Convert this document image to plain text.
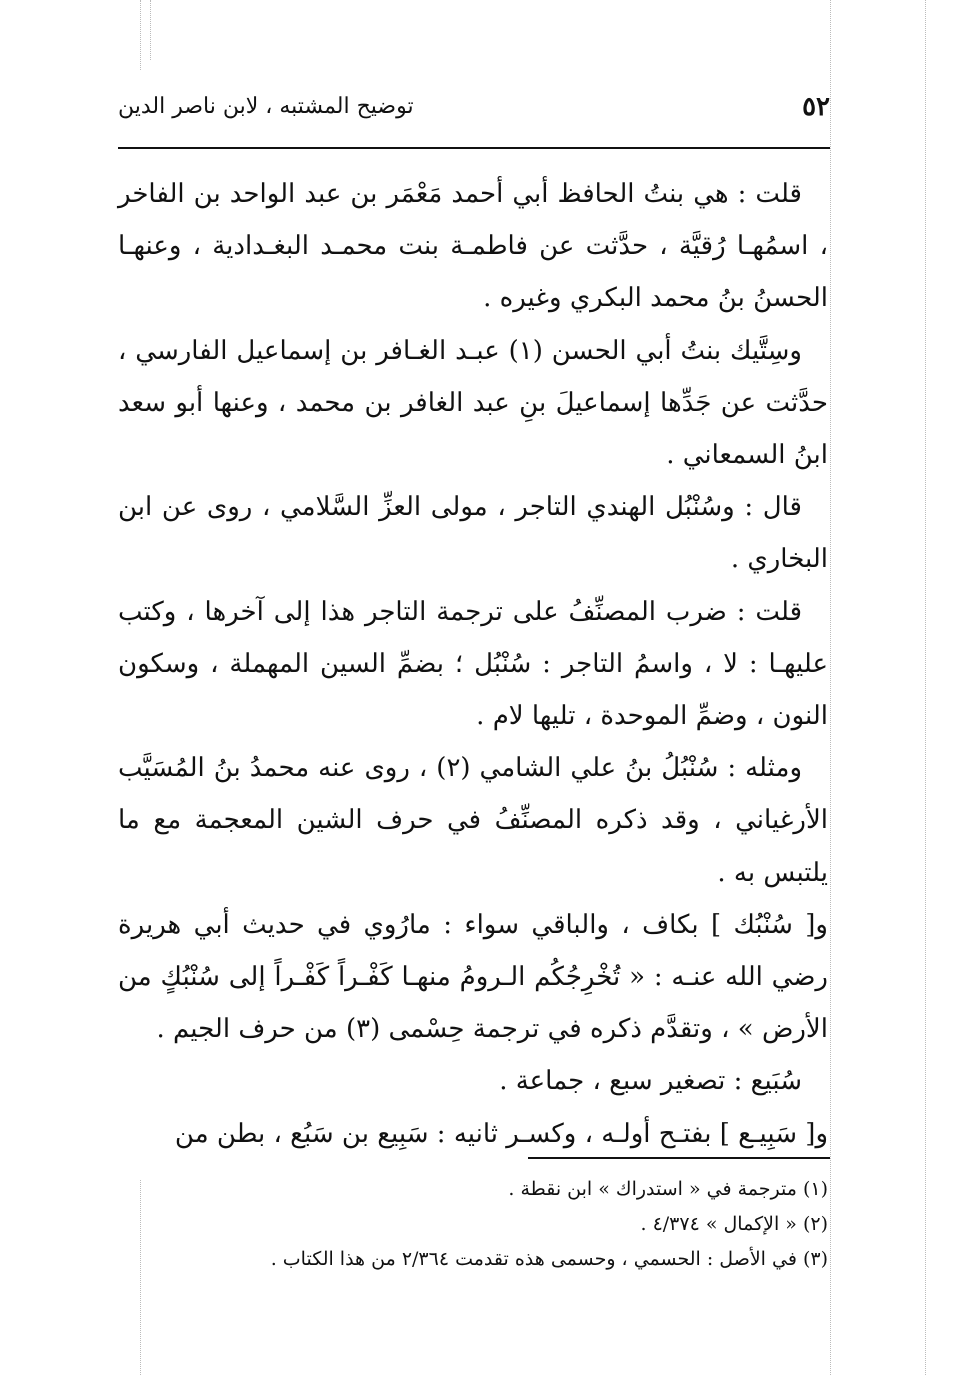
٥٢
توضيح المشتبه ، لابن ناصر الدين

قلت : هي بنتُ الحافظ أبي أحمد مَعْمَر بن عبد الواحد بن الفاخر ، اسمُهـا رُقيَّة ، حدَّثت عن فاطمـة بنت محمـد البغـدادية ، وعنهـا الحسنُ بنُ محمد البكري وغيره .

وسِتَّيك بنتُ أبي الحسن (١) عبـد الغـافر بن إسماعيل الفارسي ، حدَّثت عن جَدِّها إسماعيلَ بنِ عبد الغافر بن محمد ، وعنها أبو سعد ابنُ السمعاني .

قال : وسُنْبُل الهندي التاجر ، مولى العزِّ السَّلامي ، روى عن ابن البخاري .

قلت : ضرب المصنِّفُ على ترجمة التاجر هذا إلى آخرها ، وكتب عليهـا : لا ، واسمُ التاجر : سُنْبُل ؛ بضمِّ السين المهملة ، وسكون النون ، وضمِّ الموحدة ، تليها لام .

ومثله : سُنْبُلُ بنُ علي الشامي (٢) ، روى عنه محمدُ بنُ المُسَيَّب الأرغياني ، وقد ذكره المصنِّفُ في حرف الشين المعجمة مع ما يلتبس به .

و[ سُنْبُك ] بكاف ، والباقي سواء : مارُوي في حديث أبي هريرة رضي الله عنـه : « تُخْرِجُكُم الـرومُ منهـا كَفْـراً كَفْـراً إلى سُنْبُكٍ من الأرض » ، وتقدَّم ذكره في ترجمة حِسْمى (٣) من حرف الجيم .

سُبَيع : تصغير سبع ، جماعة .

و[ سَبِيـع ] بفتـح أولـه ، وكسـر ثانيه : سَبِيع بن سَبُع ، بطن من

(١) مترجمة في « استدراك » ابن نقطة .

(٢) « الإكمال » ٤/٣٧٤ .

(٣) في الأصل : الحسمي ، وحسمى هذه تقدمت ٢/٣٦٤ من هذا الكتاب .
